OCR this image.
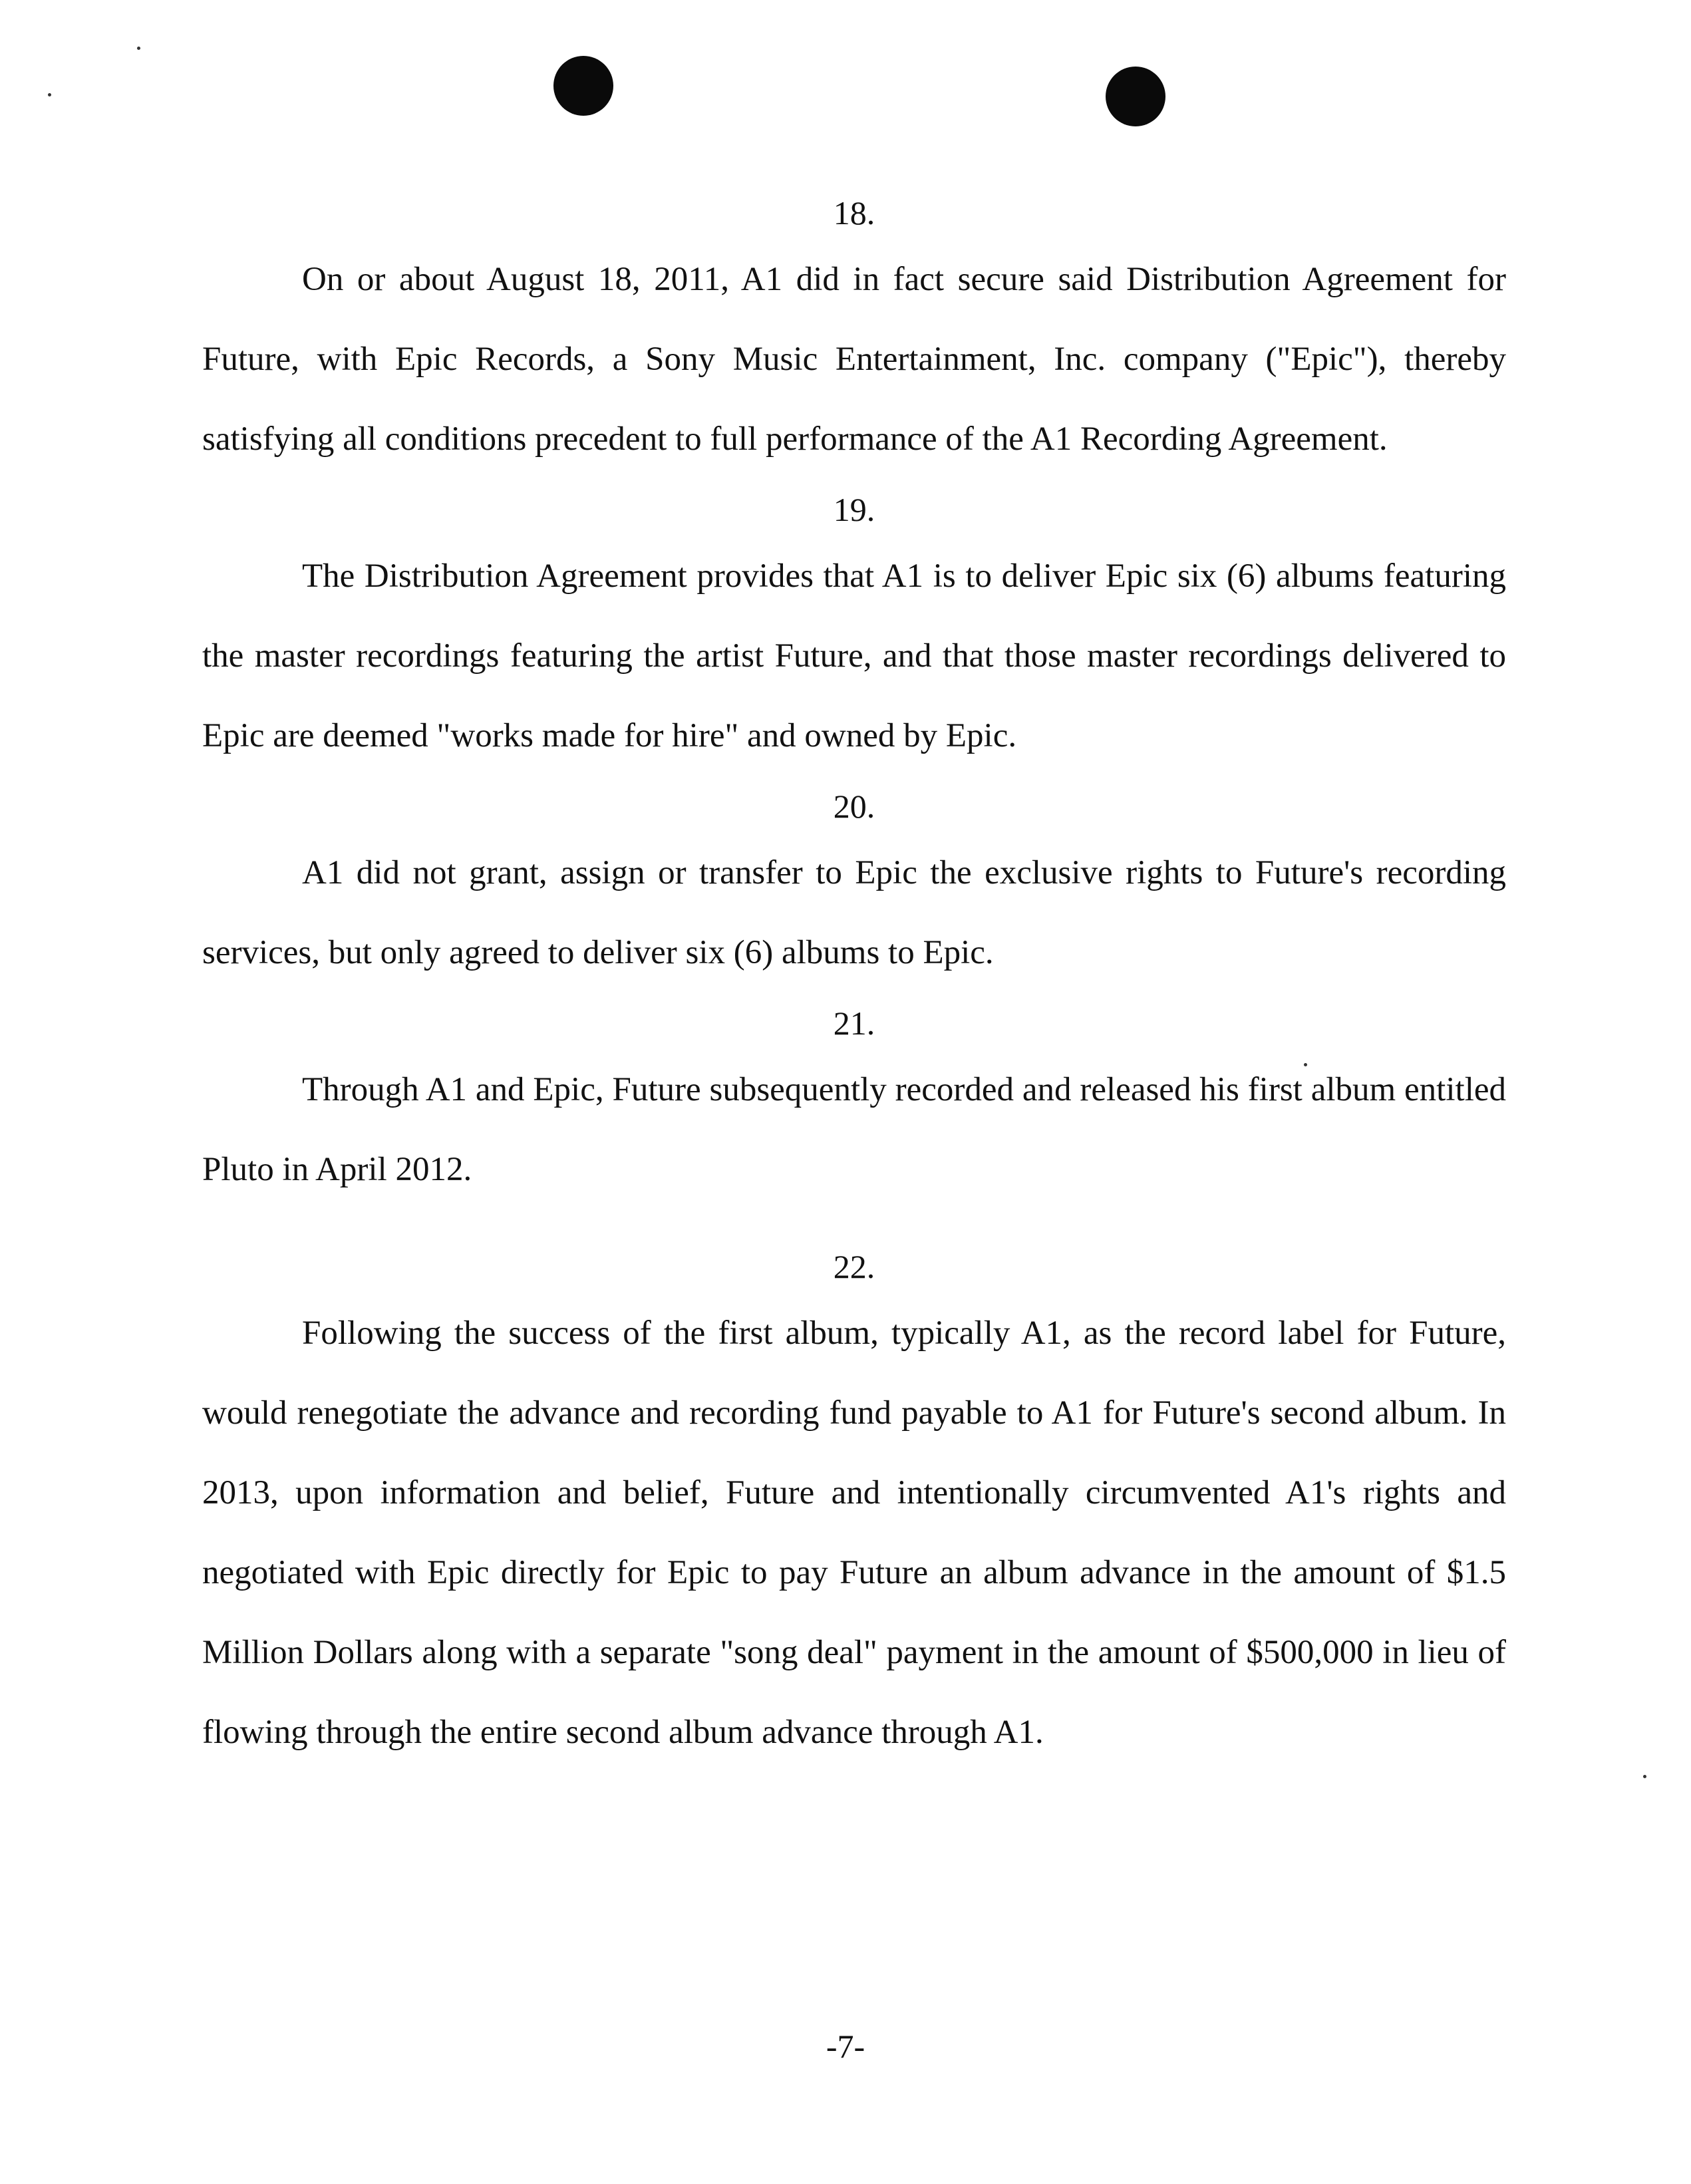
18.

On or about August 18, 2011, A1 did in fact secure said Distribution Agreement for Future, with Epic Records, a Sony Music Entertainment, Inc. company ("Epic"), thereby satisfying all conditions precedent to full performance of the A1 Recording Agreement.

19.

The Distribution Agreement provides that A1 is to deliver Epic six (6) albums featuring the master recordings featuring the artist Future, and that those master recordings delivered to Epic are deemed "works made for hire" and owned by Epic.

20.

A1 did not grant, assign or transfer to Epic the exclusive rights to Future's recording services, but only agreed to deliver six (6) albums to Epic.

21.

Through A1 and Epic, Future subsequently recorded and released his first album entitled Pluto in April 2012.

22.

Following the success of the first album, typically A1, as the record label for Future, would renegotiate the advance and recording fund payable to A1 for Future's second album. In 2013, upon information and belief, Future and intentionally circumvented A1's rights and negotiated with Epic directly for Epic to pay Future an album advance in the amount of $1.5 Million Dollars along with a separate "song deal" payment in the amount of $500,000 in lieu of flowing through the entire second album advance through A1.

-7-
